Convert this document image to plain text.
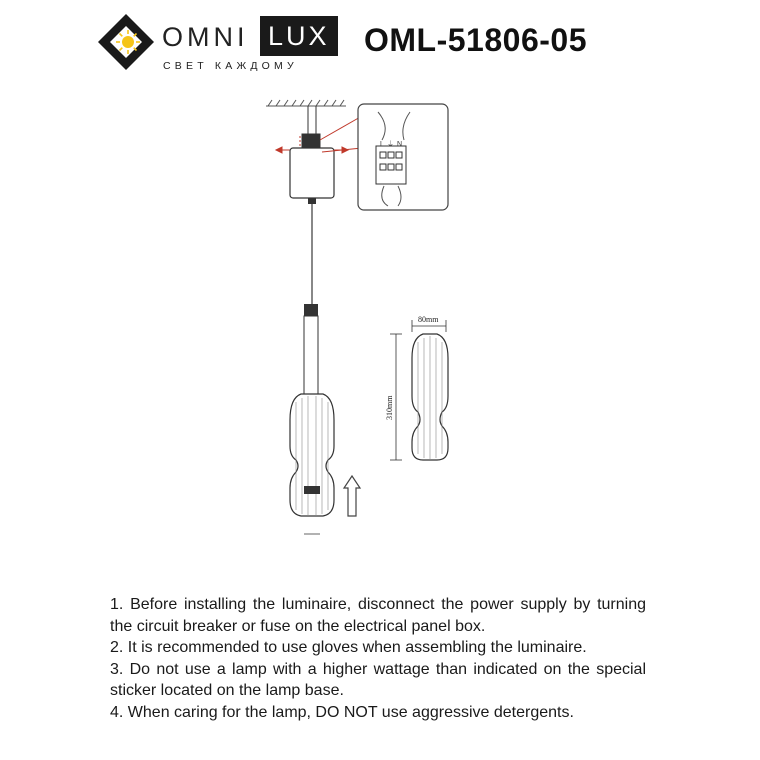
OMNI LUX
СВЕТ КАЖДОМУ
OML-51806-05
L ⏚ N
80mm
310mm

1. Before installing the luminaire, disconnect the power supply by turning the circuit breaker or fuse on the electrical panel box.

2. It is recommended to use gloves when assembling the luminaire.

3. Do not use a lamp with a higher wattage than indicated on the special sticker located on the lamp base.

4. When caring for the lamp, DO NOT use aggressive detergents.
